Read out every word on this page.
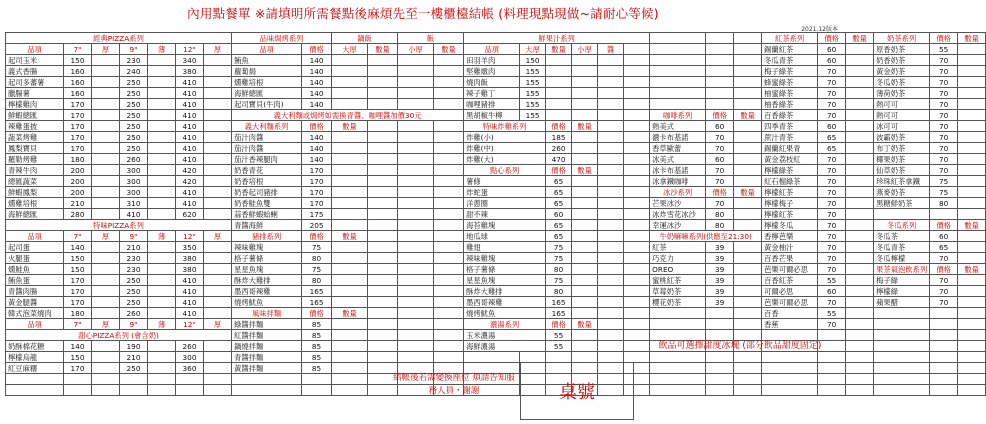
內用點餐單 ※請填明所需餐點後麻煩先至一樓櫃檯結帳 (料理現點現做~請耐心等候)
2021.12版本
經典PIZZA系列							品味焗烤系列		鍋飯		飯		鮮果汁系列									紅茶系列	價格	數量	奶茶系列	價格	數量
品項	7"	厚	9"	薄	12"	厚	品項	價格	大厚	數量	小厚	數量	品項	大厚	數量	小厚	醬					錫蘭紅茶	60		原香奶茶	55	
起司玉米	150		230		340		鮪魚	140					田羽羊肉	150								冬瓜青茶	60		奶香奶茶	70	
義式香腸	160		240		380		蘿蔔焗	140					堅雞燉肉	155								梅子綠茶	70		黃金奶茶	70	
起司多蕃薯	160		250		410		燻雞培根	140					燒肉飯	155								蜂蜜綠茶	70		冬瓜奶茶	70	
臘腸薯	160		250		410		海鮮總匯	140					辣子雞丁	155								柚蜜綠茶	70		薄荷奶茶	70	
檸檬雞肉	170		250		410		起司寶貝(牛肉)	140					咖哩豬排	155								柚香綠茶	70		熱可可	70	
鮮蝦總匯	170		250		410		義大利麵或焗烤如需換青醬、咖哩醬加價30元						黑胡椒牛柳	155					咖啡系列	價格	數量	百香綠茶	70		熱可可	70	
辣雞蛋披	170		250		410		義大利麵系列	價格	數量				特味炸雞系列		價格	數量			熱美式	60		四季青茶	60		冰可可	70	
蔬菜烤雞	170		250		410		茄汁肉醬	140					炸雞(小)		185				濃卡布基諾	70		蔗汁青茶	65		波霸奶茶	70	
鳳梨寶貝	170		250		410		茄汁肉醬	140					炸雞(中)		260				香草歐蕾	70		錫蘭紅果青	65		布丁奶茶	70	
羅勒烤雞	180		260		410		茄汁香辣腿肉	140					炸雞(大)		470				冰美式	60		黃金荔枝紅	70		椰果奶茶	70	
青辣牛肉	200		300		420		奶香青花	170					點心系列		價格	數量			冰卡布基諾	70		檸檬綠茶	70		仙草奶茶	70	
總匯蔬菜	200		300		420		奶香培根	170					薯條		65				冰拿鐵咖啡	70		紅石榴綠茶	70		珍珠紅茶拿鐵	75	
鮮蝦鳳梨	200		300		410		奶香起司豬排	170					炸蛇蛋		65				冰沙系列	價格	數量	檸檬紅茶	70		燕麥奶茶	75	
燻雞培根	210		310		410		奶香鮭魚雙	170					洋蔥圈		65				芒果冰沙	70		檸檬梅子	70		黑糖鮮奶茶	80	
海鮮總匯	280		410		620		蒜香鮮蝦蛤蜊	175					甜不辣		60				冰炸雪花冰沙	80		檸檬紅茶	70				
特味PIZZA系列							青醬海鮮	205					海苔雞塊		65				幸運冰沙	80		檸檬冬瓜	70		冬瓜系列	價格	數量
品項	7"	厚	9"	薄	12"	厚	豬排系列	價格	數量				地瓜球		65				牛奶嘛嘛系列(供應至21:30)			香檸芭樂	70		冬瓜茶	60	
起司蛋	140		210		350		辣味雞塊	75					雞翅		75				紅茶	39		黃金柚汁	70		冬瓜青茶	65	
火腿蛋	150		230		380		格子薯條	80					辣味雞塊		75				巧克力	39		百香芒果	70		冬瓜檸檬	70	
燻鮭魚	150		230		380		星星魚塊	75					格子薯條		80				OREO	39		芭樂可爾必思	70		果茶氣泡飲系列	價格	數量
鮪魚蛋	170		250		410		酥炸大雞排	80					星星魚塊		75				蜜桃紅茶	39		百香紅茶	55		梅子綠	70	
青醬肉腸	170		250		410		墨西哥辣雞	165					酥炸大雞排		80				草莓奶茶	39		可爾必思	60		檸檬綠	70	
黃金腿醬	170		250		410		燒烤魷魚	165					墨西哥辣雞		165				櫻花奶茶	39		芭樂可爾必思	70		蘋果醋	70	
韓式泡菜燒肉	180		260		410		風味拌麵	價格	數量				燒烤魷魚		165							百香	55				
品項	7"	厚	9"	薄	12"	厚	綠醬拌麵	85					濃湯系列		價格	數量						香蕉	70				
甜心PIZZA系列 (會含奶)							紅醬拌麵	85					玉米濃湯		55												
奶酥棉花糖	140		190		260		鍋燒拌麵	85					海鮮濃湯		55												
檸檬烏龍	150		210		300		青醬拌麵	85																			
紅豆麻糬	170		250		360		黃醬拌麵	85																			

結帳後若需變換座位 煩請告知服務人員・謝謝	桌號
飲品可選擇甜度冰塊 (部分飲品甜度固定)
